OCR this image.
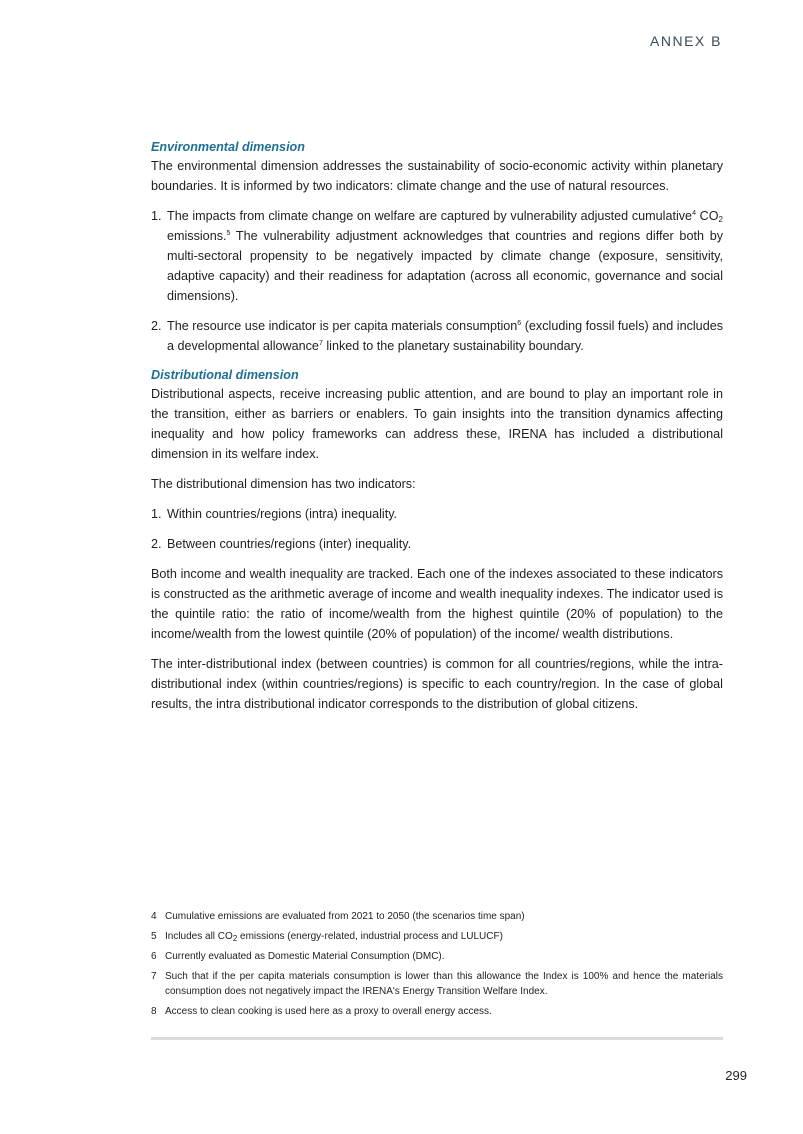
ANNEX B
Environmental dimension

The environmental dimension addresses the sustainability of socio-economic activity within planetary boundaries. It is informed by two indicators: climate change and the use of natural resources.

1. The impacts from climate change on welfare are captured by vulnerability adjusted cumulative$^4$ $CO_2$ emissions.$^5$ The vulnerability adjustment acknowledges that countries and regions differ both by multi-sectoral propensity to be negatively impacted by climate change (exposure, sensitivity, adaptive capacity) and their readiness for adaptation (across all economic, governance and social dimensions).
2. The resource use indicator is per capita materials consumption$^6$ (excluding fossil fuels) and includes a developmental allowance$^7$ linked to the planetary sustainability boundary.
Distributional dimension

Distributional aspects, receive increasing public attention, and are bound to play an important role in the transition, either as barriers or enablers. To gain insights into the transition dynamics affecting inequality and how policy frameworks can address these, IRENA has included a distributional dimension in its welfare index.

The distributional dimension has two indicators:

1. Within countries/regions (intra) inequality.
2. Between countries/regions (inter) inequality.

Both income and wealth inequality are tracked. Each one of the indexes associated to these indicators is constructed as the arithmetic average of income and wealth inequality indexes. The indicator used is the quintile ratio: the ratio of income/wealth from the highest quintile (20% of population) to the income/wealth from the lowest quintile (20% of population) of the income/ wealth distributions.

The inter-distributional index (between countries) is common for all countries/regions, while the intra-distributional index (within countries/regions) is specific to each country/region. In the case of global results, the intra distributional indicator corresponds to the distribution of global citizens.

4 Cumulative emissions are evaluated from 2021 to 2050 (the scenarios time span)
5 Includes all $CO_2$ emissions (energy-related, industrial process and LULUCF)
6 Currently evaluated as Domestic Material Consumption (DMC).
7 Such that if the per capita materials consumption is lower than this allowance the Index is 100% and hence the materials consumption does not negatively impact the IRENA's Energy Transition Welfare Index.
8 Access to clean cooking is used here as a proxy to overall energy access.
299
